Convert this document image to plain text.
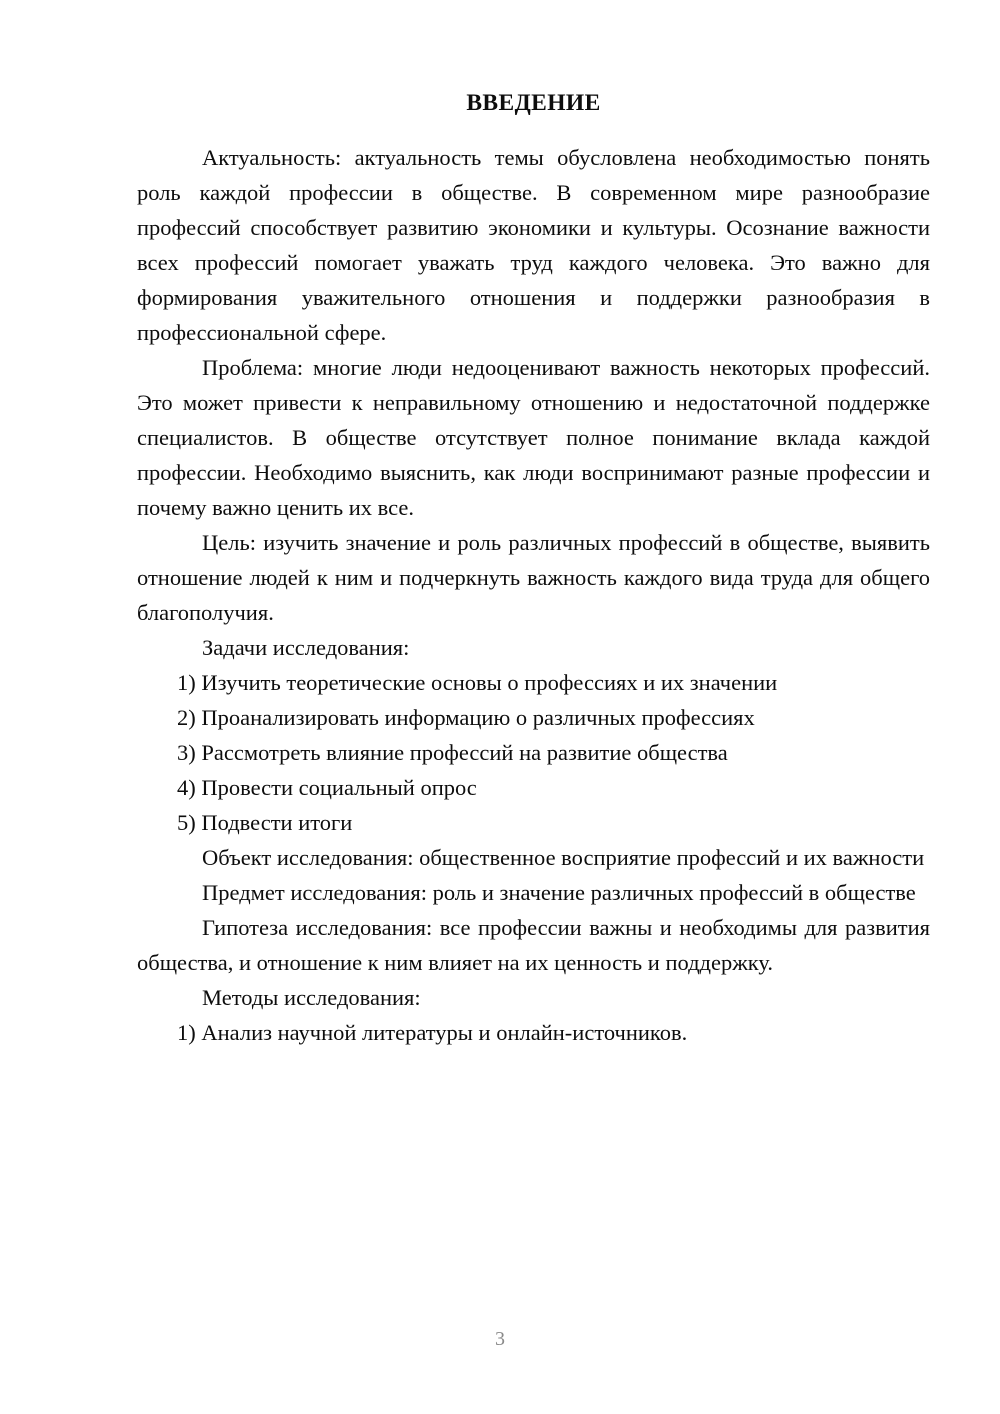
ВВЕДЕНИЕ

Актуальность: актуальность темы обусловлена необходимостью понять роль каждой профессии в обществе. В современном мире разнообразие профессий способствует развитию экономики и культуры. Осознание важности всех профессий помогает уважать труд каждого человека. Это важно для формирования уважительного отношения и поддержки разнообразия в профессиональной сфере.

Проблема: многие люди недооценивают важность некоторых профессий. Это может привести к неправильному отношению и недостаточной поддержке специалистов. В обществе отсутствует полное понимание вклада каждой профессии. Необходимо выяснить, как люди воспринимают разные профессии и почему важно ценить их все.

Цель: изучить значение и роль различных профессий в обществе, выявить отношение людей к ним и подчеркнуть важность каждого вида труда для общего благополучия.

Задачи исследования:

1) Изучить теоретические основы о профессиях и их значении

2) Проанализировать информацию о различных профессиях

3) Рассмотреть влияние профессий на развитие общества

4) Провести социальный опрос

5) Подвести итоги

Объект исследования: общественное восприятие профессий и их важности

Предмет исследования: роль и значение различных профессий в обществе

Гипотеза исследования: все профессии важны и необходимы для развития общества, и отношение к ним влияет на их ценность и поддержку.

Методы исследования:

1) Анализ научной литературы и онлайн-источников.

3
